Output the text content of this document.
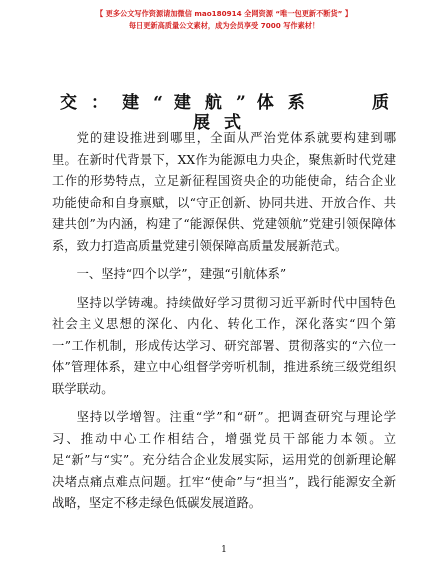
【 更多公文写作资源请加微信 mao180914 全网资源 “唯一包更新不断货” 】
每日更新高质量公文素材，成为会员享受 7000 写作素材！
交 ： 建 “ 建 航 ” 体 系　　　质
展式

党的建设推进到哪里，全面从严治党体系就要构建到哪里。在新时代背景下，XX作为能源电力央企，聚焦新时代党建工作的形势特点，立足新征程国资央企的功能使命，结合企业功能使命和自身禀赋，以“守正创新、协同共进、开放合作、共建共创”为内涵，构建了“能源保供、党建领航”党建引领保障体系，致力打造高质量党建引领保障高质量发展新范式。

一、坚持“四个以学”，建强“引航体系”

坚持以学铸魂。持续做好学习贯彻习近平新时代中国特色社会主义思想的深化、内化、转化工作，深化落实“四个第一”工作机制，形成传达学习、研究部署、贯彻落实的“六位一体”管理体系，建立中心组督学旁听机制，推进系统三级党组织联学联动。

坚持以学增智。注重“学”和“研”。把调查研究与理论学习、推动中心工作相结合，增强党员干部能力本领。立足“新”与“实”。充分结合企业发展实际，运用党的创新理论解决堵点痛点难点问题。扛牢“使命”与“担当”，践行能源安全新战略，坚定不移走绿色低碳发展道路。

1
